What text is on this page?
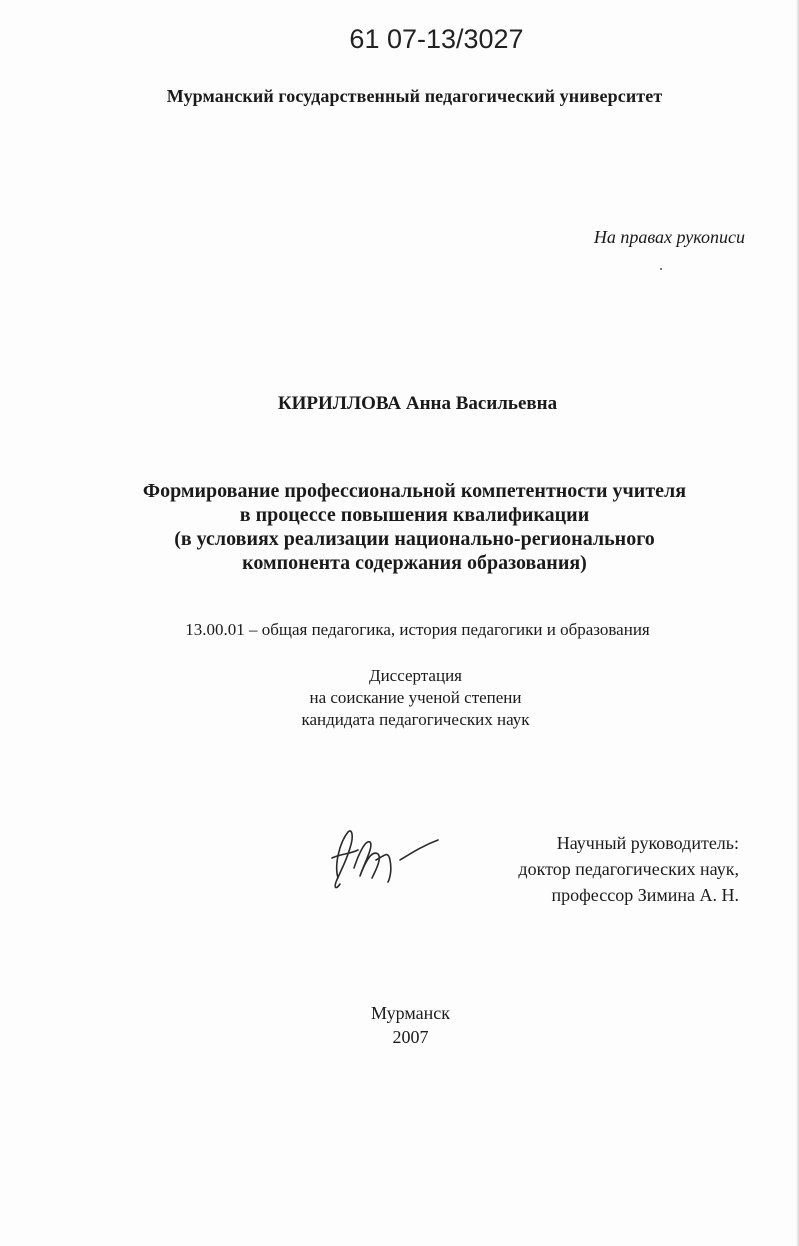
61 07-13/3027
Мурманский государственный педагогический университет
На правах рукописи
КИРИЛЛОВА Анна Васильевна
Формирование профессиональной компетентности учителя
в процессе повышения квалификации
(в условиях реализации национально-регионального
компонента содержания образования)
13.00.01 – общая педагогика, история педагогики и образования
Диссертация
на соискание ученой степени
кандидата педагогических наук
Научный руководитель:
доктор педагогических наук,
профессор Зимина А. Н.
Мурманск
2007
